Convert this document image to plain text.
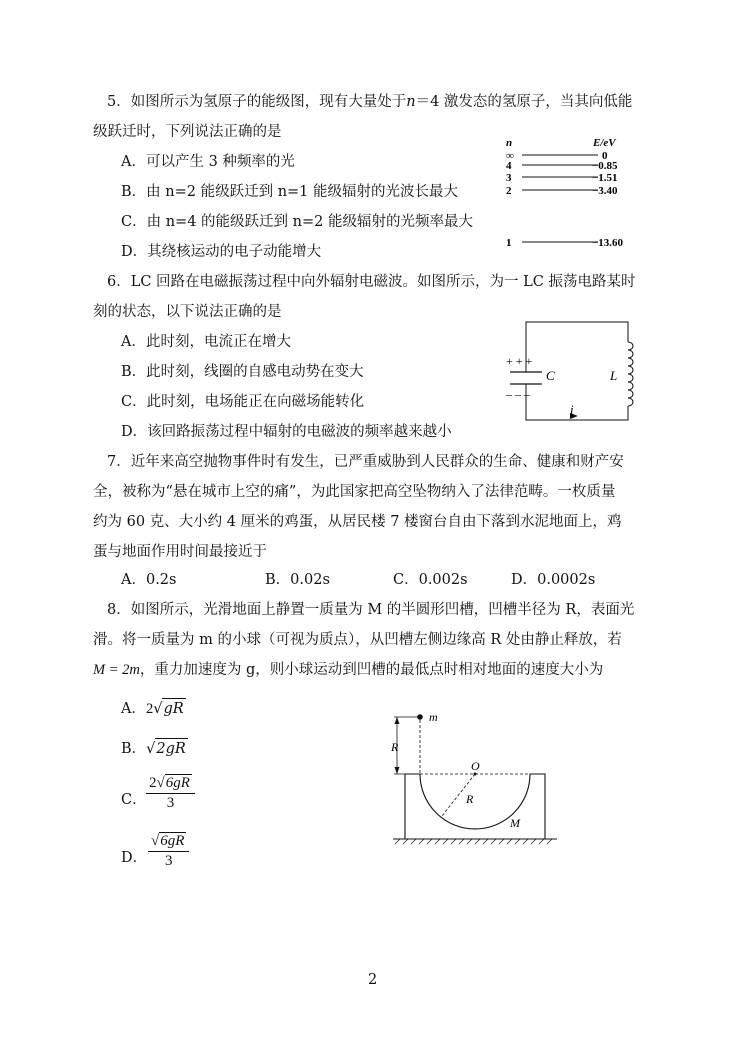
5．如图所示为氢原子的能级图，现有大量处于n＝4 激发态的氢原子，当其向低能
级跃迁时，下列说法正确的是
A．可以产生 3 种频率的光
B．由 n=2 能级跃迁到 n=1 能级辐射的光波长最大
C．由 n=4 的能级跃迁到 n=2 能级辐射的光频率最大
D．其绕核运动的电子动能增大
n	E/eV
∞	0
4	−0.85
3	−1.51
2	−3.40
1	−13.60
6．LC 回路在电磁振荡过程中向外辐射电磁波。如图所示，为一 LC 振荡电路某时
刻的状态，以下说法正确的是
A．此时刻，电流正在增大
B．此时刻，线圈的自感电动势在变大
C．此时刻，电场能正在向磁场能转化
D．该回路振荡过程中辐射的电磁波的频率越来越小
+ + +
– – –
C	L
i
7．近年来高空抛物事件时有发生，已严重威胁到人民群众的生命、健康和财产安
全，被称为“悬在城市上空的痛”，为此国家把高空坠物纳入了法律范畴。一枚质量
约为 60 克、大小约 4 厘米的鸡蛋，从居民楼 7 楼窗台自由下落到水泥地面上，鸡
蛋与地面作用时间最接近于
A．0.2s	B．0.02s	C．0.002s	D．0.0002s
8．如图所示，光滑地面上静置一质量为 M 的半圆形凹槽，凹槽半径为 R，表面光
滑。将一质量为 m 的小球（可视为质点），从凹槽左侧边缘高 R 处由静止释放，若
M = 2m，重力加速度为 g，则小球运动到凹槽的最低点时相对地面的速度大小为
A．2√gR
B．√2gR
C． $\frac{2√6gR}{3}$
D． $\frac{√6gR}{3}$
R
m
O
R
M
2
